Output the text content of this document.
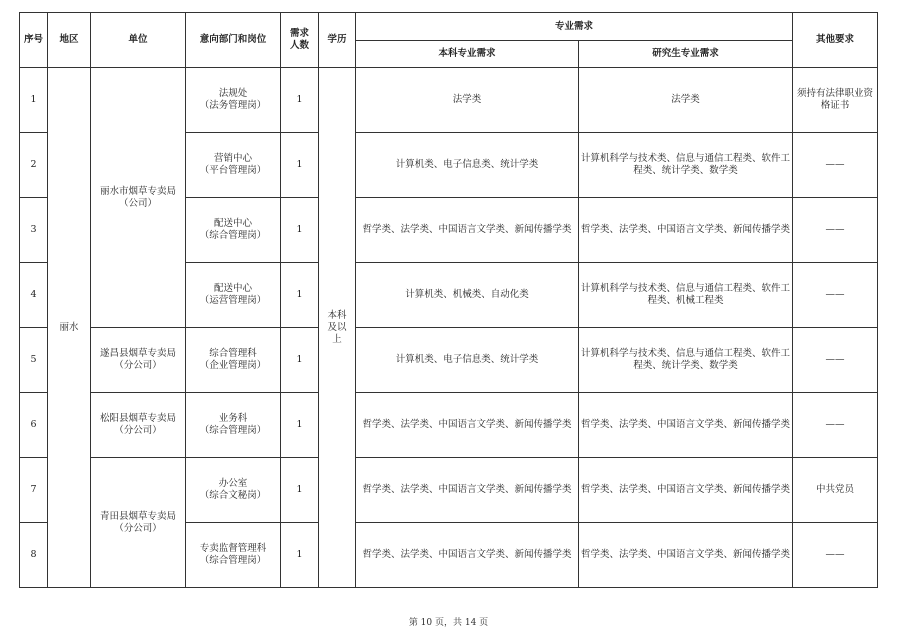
序号	地区	单位	意向部门和岗位	需求人数	学历	专业需求		其他要求
						本科专业需求	研究生专业需求	
1	丽水	丽水市烟草专卖局（公司）	法规处
（法务管理岗）	1	本科及以上	法学类	法学类	须持有法律职业资格证书
2			营销中心
（平台管理岗）	1		计算机类、电子信息类、统计学类	计算机科学与技术类、信息与通信工程类、软件工程类、统计学类、数学类	——
3			配送中心
（综合管理岗）	1		哲学类、法学类、中国语言文学类、新闻传播学类	哲学类、法学类、中国语言文学类、新闻传播学类	——
4			配送中心
（运营管理岗）	1		计算机类、机械类、自动化类	计算机科学与技术类、信息与通信工程类、软件工程类、机械工程类	——
5		遂昌县烟草专卖局（分公司）	综合管理科
（企业管理岗）	1		计算机类、电子信息类、统计学类	计算机科学与技术类、信息与通信工程类、软件工程类、统计学类、数学类	——
6		松阳县烟草专卖局（分公司）	业务科
（综合管理岗）	1		哲学类、法学类、中国语言文学类、新闻传播学类	哲学类、法学类、中国语言文学类、新闻传播学类	——
7		青田县烟草专卖局（分公司）	办公室
（综合文秘岗）	1		哲学类、法学类、中国语言文学类、新闻传播学类	哲学类、法学类、中国语言文学类、新闻传播学类	中共党员
8			专卖监督管理科
（综合管理岗）	1		哲学类、法学类、中国语言文学类、新闻传播学类	哲学类、法学类、中国语言文学类、新闻传播学类	——
第 10 页，共 14 页
